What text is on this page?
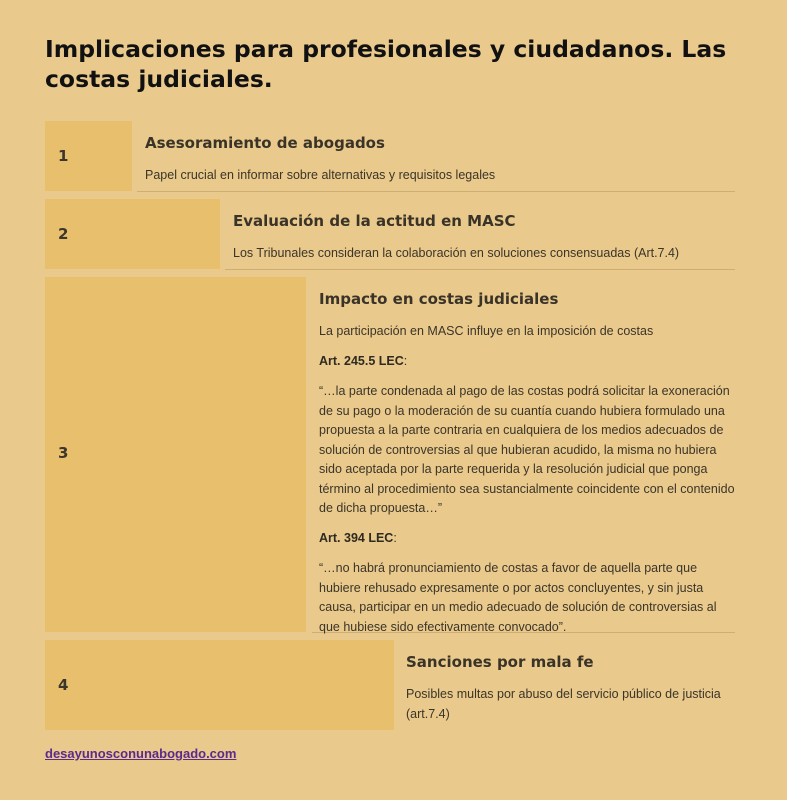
Implicaciones para profesionales y ciudadanos. Las costas judiciales.
1

Asesoramiento de abogados

Papel crucial en informar sobre alternativas y requisitos legales

2

Evaluación de la actitud en MASC

Los Tribunales consideran la colaboración en soluciones consensuadas (Art.7.4)

3

Impacto en costas judiciales

La participación en MASC influye en la imposición de costas

Art. 245.5 LEC:

“…la parte condenada al pago de las costas podrá solicitar la exoneración de su pago o la moderación de su cuantía cuando hubiera formulado una propuesta a la parte contraria en cualquiera de los medios adecuados de solución de controversias al que hubieran acudido, la misma no hubiera sido aceptada por la parte requerida y la resolución judicial que ponga término al procedimiento sea sustancialmente coincidente con el contenido de dicha propuesta…”

Art. 394 LEC:

“…no habrá pronunciamiento de costas a favor de aquella parte que hubiere rehusado expresamente o por actos concluyentes, y sin justa causa, participar en un medio adecuado de solución de controversias al que hubiese sido efectivamente convocado”.

4

Sanciones por mala fe

Posibles multas por abuso del servicio público de justicia (art.7.4)

desayunosconunabogado.com
